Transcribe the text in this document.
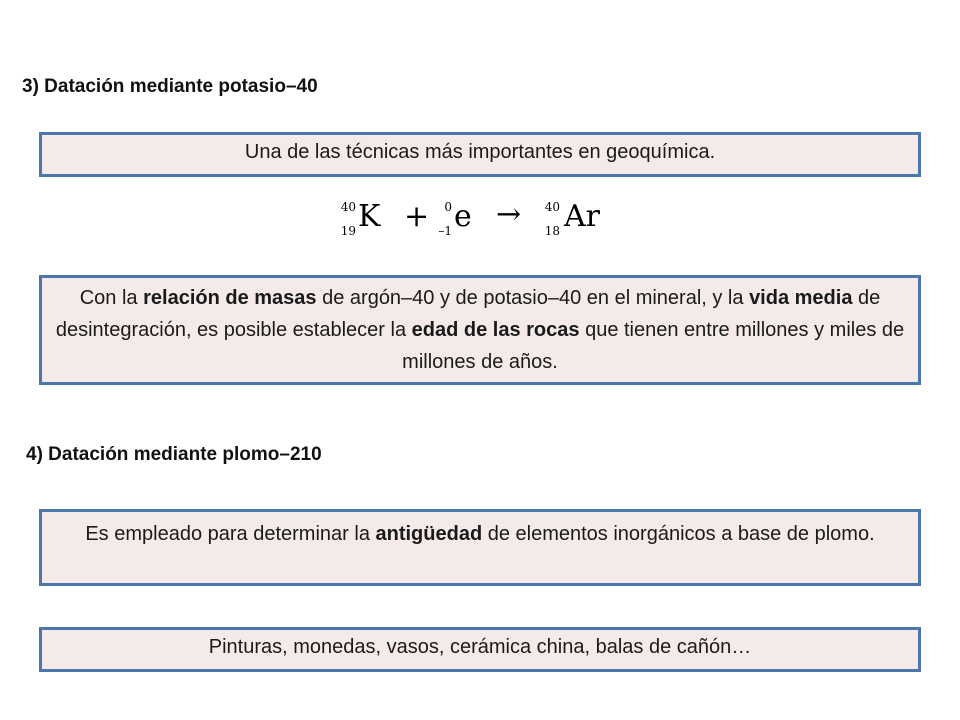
3) Datación mediante potasio–40
Una de las técnicas más importantes en geoquímica.
40
19 K +	0
–1 e →	40
18 Ar
Con la relación de masas de argón–40 y de potasio–40 en el mineral, y la vida media de desintegración, es posible establecer la edad de las rocas que tienen entre millones y miles de millones de años.
4) Datación mediante plomo–210
Es empleado para determinar la antigüedad de elementos inorgánicos a base de plomo.
Pinturas, monedas, vasos, cerámica china, balas de cañón…
